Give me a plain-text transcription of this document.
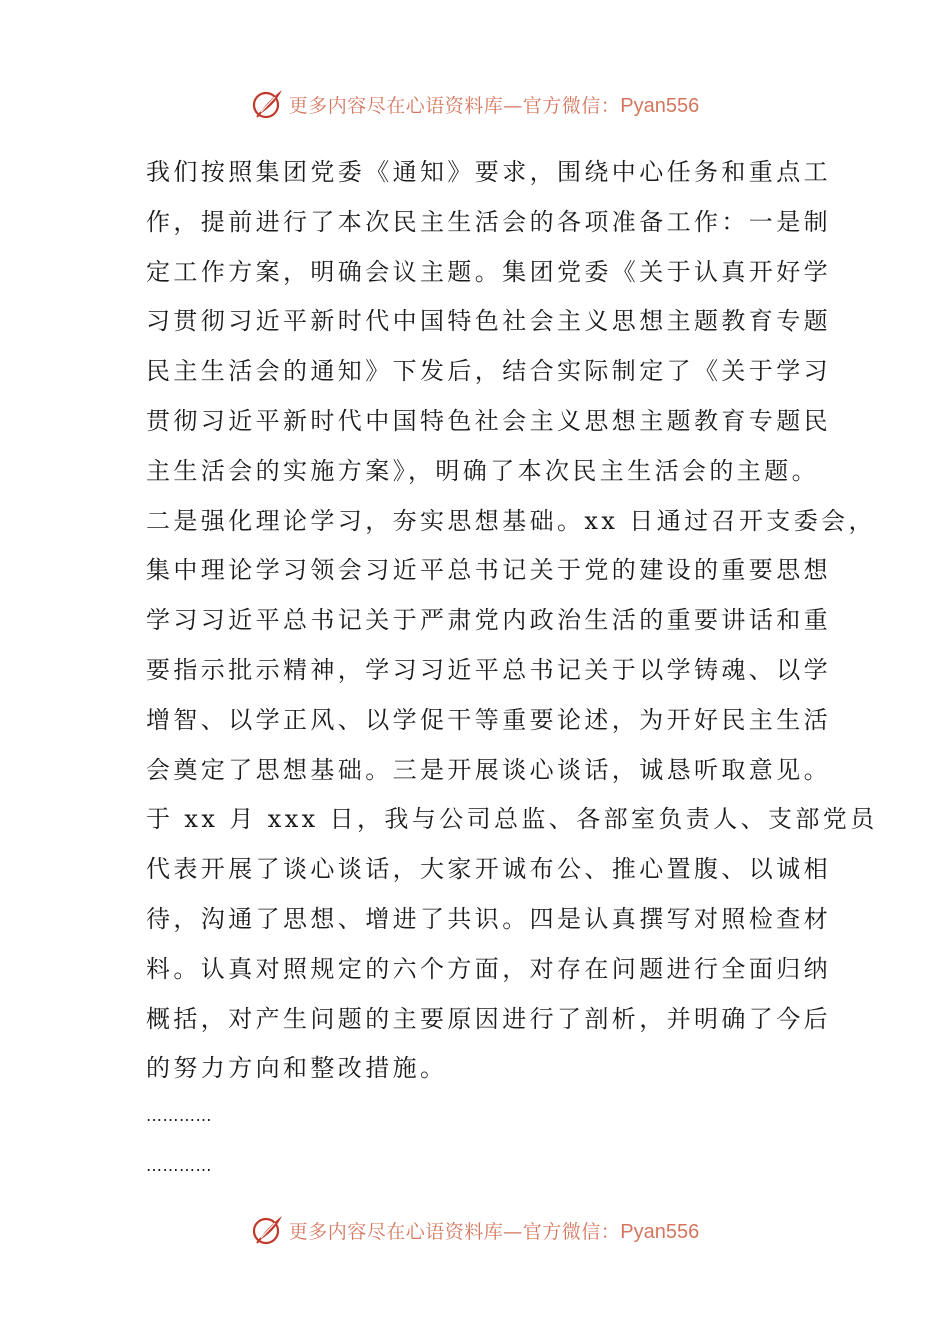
更多内容尽在心语资料库—官方微信：Pyan556
我们按照集团党委《通知》要求，围绕中心任务和重点工
作，提前进行了本次民主生活会的各项准备工作：一是制
定工作方案，明确会议主题。集团党委《关于认真开好学
习贯彻习近平新时代中国特色社会主义思想主题教育专题
民主生活会的通知》下发后，结合实际制定了《关于学习
贯彻习近平新时代中国特色社会主义思想主题教育专题民
主生活会的实施方案》，明确了本次民主生活会的主题。
二是强化理论学习，夯实思想基础。xx 日通过召开支委会，
集中理论学习领会习近平总书记关于党的建设的重要思想
学习习近平总书记关于严肃党内政治生活的重要讲话和重
要指示批示精神，学习习近平总书记关于以学铸魂、以学
增智、以学正风、以学促干等重要论述，为开好民主生活
会奠定了思想基础。三是开展谈心谈话，诚恳听取意见。
于 xx 月 xxx 日，我与公司总监、各部室负责人、支部党员
代表开展了谈心谈话，大家开诚布公、推心置腹、以诚相
待，沟通了思想、增进了共识。四是认真撰写对照检查材
料。认真对照规定的六个方面，对存在问题进行全面归纳
概括，对产生问题的主要原因进行了剖析，并明确了今后
的努力方向和整改措施。
…………
…………
更多内容尽在心语资料库—官方微信：Pyan556
